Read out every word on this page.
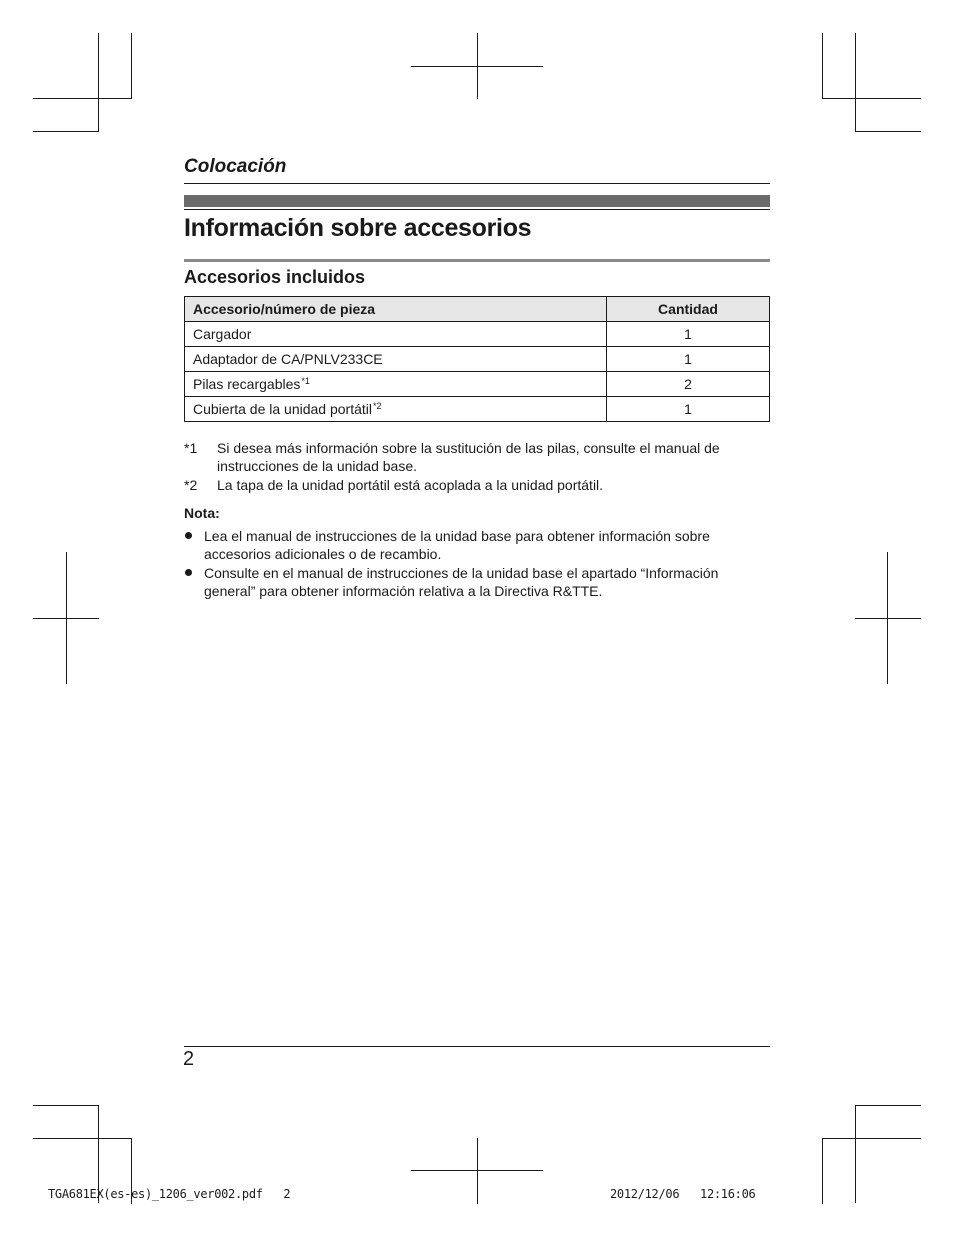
Colocación
Información sobre accesorios
Accesorios incluidos
Accesorio/número de pieza	Cantidad
Cargador	1
Adaptador de CA/PNLV233CE	1
Pilas recargables$^{*1}$	2
Cubierta de la unidad portátil$^{*2}$	1
*1 Si desea más información sobre la sustitución de las pilas, consulte el manual de instrucciones de la unidad base.
*2 La tapa de la unidad portátil está acoplada a la unidad portátil.
Nota:
Lea el manual de instrucciones de la unidad base para obtener información sobre accesorios adicionales o de recambio.
Consulte en el manual de instrucciones de la unidad base el apartado “Información general” para obtener información relativa a la Directiva R&TTE.
2
TGA681EX(es-es)_1206_ver002.pdf   2	2012/12/06   12:16:06
